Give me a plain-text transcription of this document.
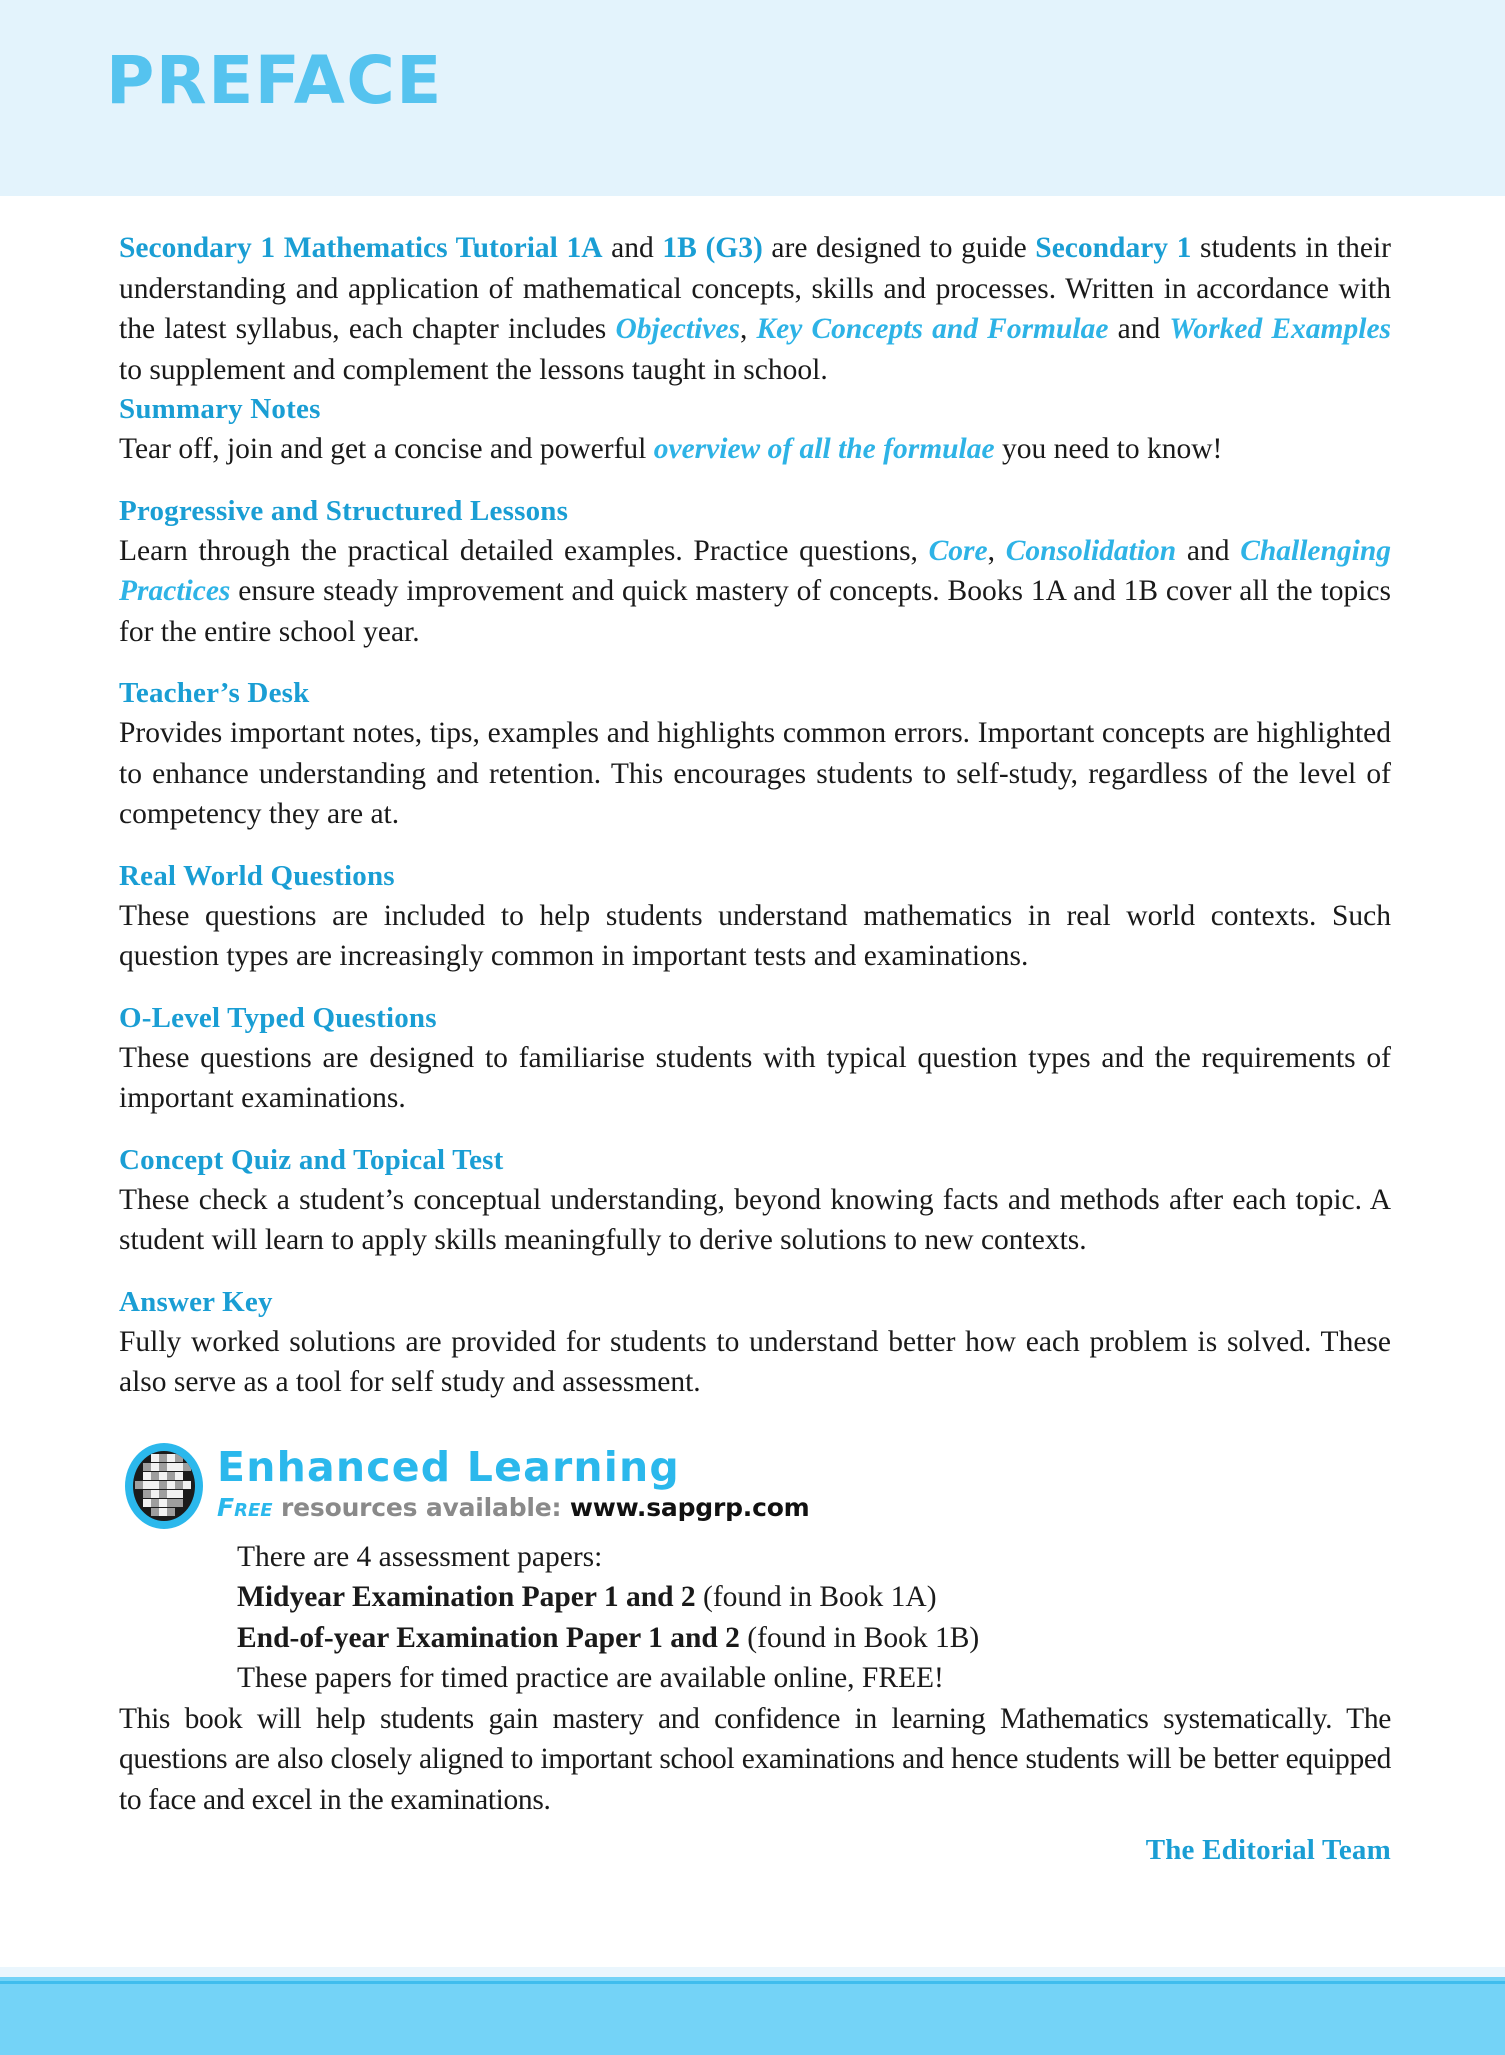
PREFACE

Secondary 1 Mathematics Tutorial 1A and 1B (G3) are designed to guide Secondary 1 students in their understanding and application of mathematical concepts, skills and processes. Written in accordance with the latest syllabus, each chapter includes Objectives, Key Concepts and Formulae and Worked Examples to supplement and complement the lessons taught in school.

Summary Notes

Tear off, join and get a concise and powerful overview of all the formulae you need to know!

Progressive and Structured Lessons

Learn through the practical detailed examples. Practice questions, Core, Consolidation and Challenging Practices ensure steady improvement and quick mastery of concepts. Books 1A and 1B cover all the topics for the entire school year.

Teacher’s Desk

Provides important notes, tips, examples and highlights common errors. Important concepts are highlighted to enhance understanding and retention. This encourages students to self-study, regardless of the level of competency they are at.

Real World Questions

These questions are included to help students understand mathematics in real world contexts. Such question types are increasingly common in important tests and examinations.

O-Level Typed Questions

These questions are designed to familiarise students with typical question types and the requirements of important examinations.

Concept Quiz and Topical Test

These check a student’s conceptual understanding, beyond knowing facts and methods after each topic. A student will learn to apply skills meaningfully to derive solutions to new contexts.

Answer Key

Fully worked solutions are provided for students to understand better how each problem is solved. These also serve as a tool for self study and assessment.

Enhanced Learning
Free resources available: www.sapgrp.com
There are 4 assessment papers:
Midyear Examination Paper 1 and 2 (found in Book 1A)
End-of-year Examination Paper 1 and 2 (found in Book 1B)
These papers for timed practice are available online, FREE!

This book will help students gain mastery and confidence in learning Mathematics systematically. The questions are also closely aligned to important school examinations and hence students will be better equipped to face and excel in the examinations.

The Editorial Team
